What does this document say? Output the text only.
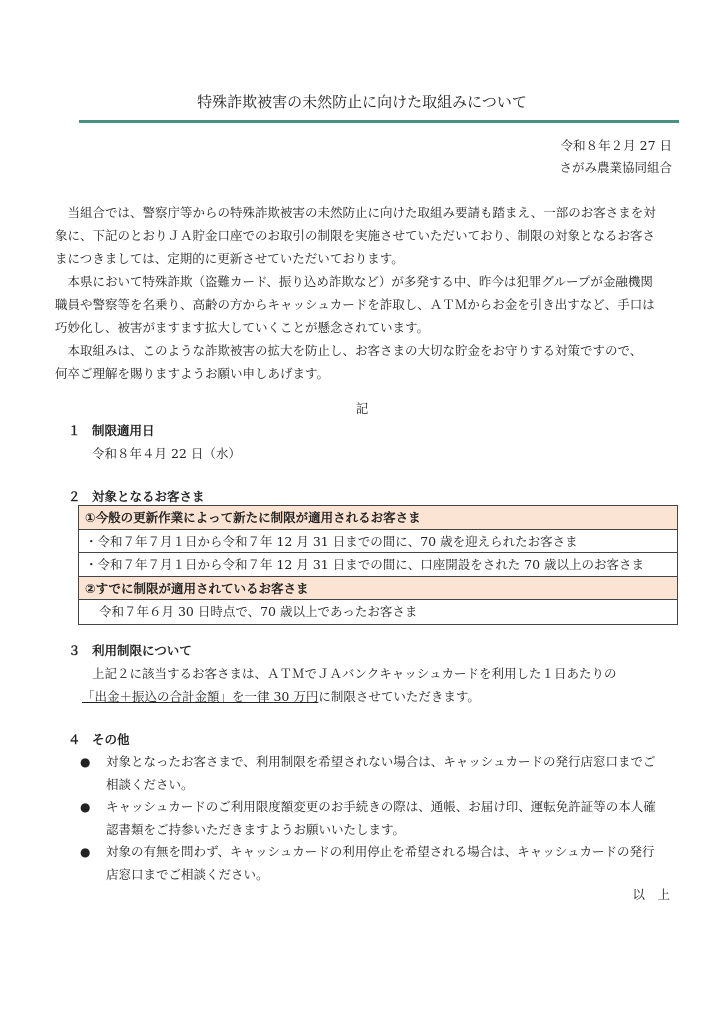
特殊詐欺被害の未然防止に向けた取組みについて
令和８年２月 27 日
さがみ農業協同組合
　当組合では、警察庁等からの特殊詐欺被害の未然防止に向けた取組み要請も踏まえ、一部のお客さまを対
象に、下記のとおりＪＡ貯金口座でのお取引の制限を実施させていただいており、制限の対象となるお客さ
まにつきましては、定期的に更新させていただいております。
　本県において特殊詐欺（盗難カード、振り込め詐欺など）が多発する中、昨今は犯罪グループが金融機関
職員や警察等を名乗り、高齢の方からキャッシュカードを詐取し、ＡＴＭからお金を引き出すなど、手口は
巧妙化し、被害がますます拡大していくことが懸念されています。
　本取組みは、このような詐欺被害の拡大を防止し、お客さまの大切な貯金をお守りする対策ですので、
何卒ご理解を賜りますようお願い申しあげます。
記
１ 制限適用日
令和８年４月 22 日（水）
２ 対象となるお客さま
①今般の更新作業によって新たに制限が適用されるお客さま
・令和７年７月１日から令和７年 12 月 31 日までの間に、70 歳を迎えられたお客さま
・令和７年７月１日から令和７年 12 月 31 日までの間に、口座開設をされた 70 歳以上のお客さま
②すでに制限が適用されているお客さま
令和７年６月 30 日時点で、70 歳以上であったお客さま
３ 利用制限について
上記２に該当するお客さまは、ＡＴＭでＪＡバンクキャッシュカードを利用した１日あたりの
「出金＋振込の合計金額」を一律 30 万円に制限させていただきます。
４ その他
● 対象となったお客さまで、利用制限を希望されない場合は、キャッシュカードの発行店窓口までご
相談ください。
● キャッシュカードのご利用限度額変更のお手続きの際は、通帳、お届け印、運転免許証等の本人確
認書類をご持参いただきますようお願いいたします。
● 対象の有無を問わず、キャッシュカードの利用停止を希望される場合は、キャッシュカードの発行
店窓口までご相談ください。
以　上
